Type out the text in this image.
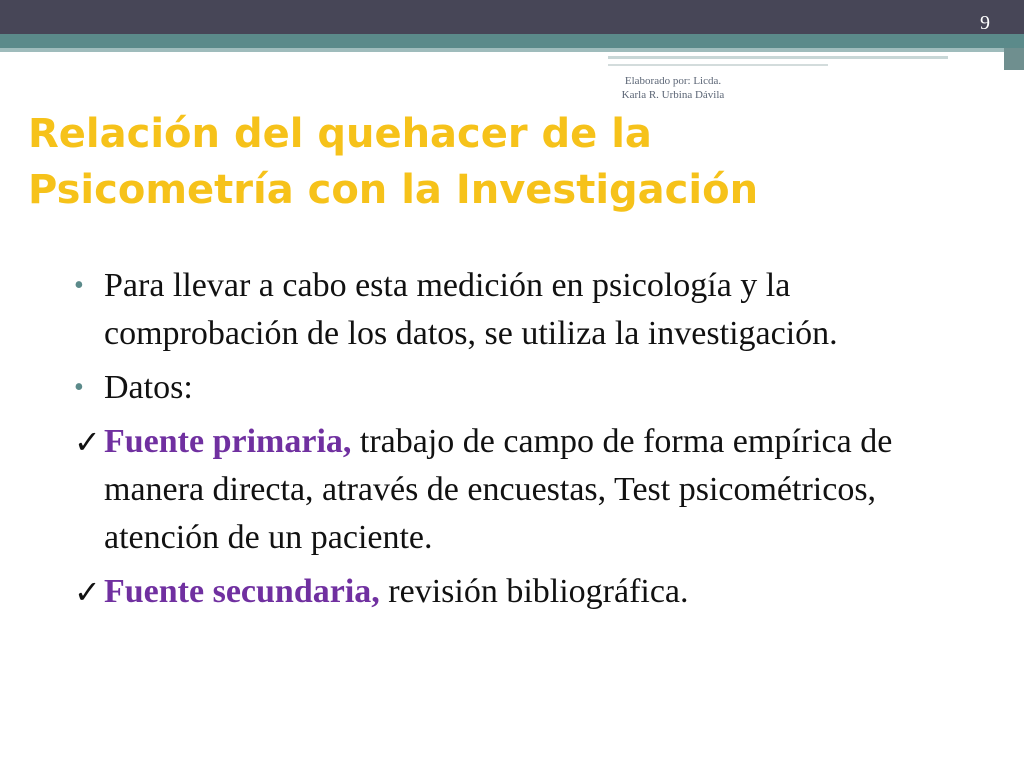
9
Elaborado por: Licda.
Karla R. Urbina Dávila
Relación del quehacer de la
Psicometría con la Investigación
• Para llevar a cabo esta medición en psicología y la comprobación de los datos, se utiliza la investigación.
• Datos:
✓ Fuente primaria, trabajo de campo de forma empírica de manera directa, através de encuestas, Test psicométricos, atención de un paciente.
✓ Fuente secundaria, revisión bibliográfica.
